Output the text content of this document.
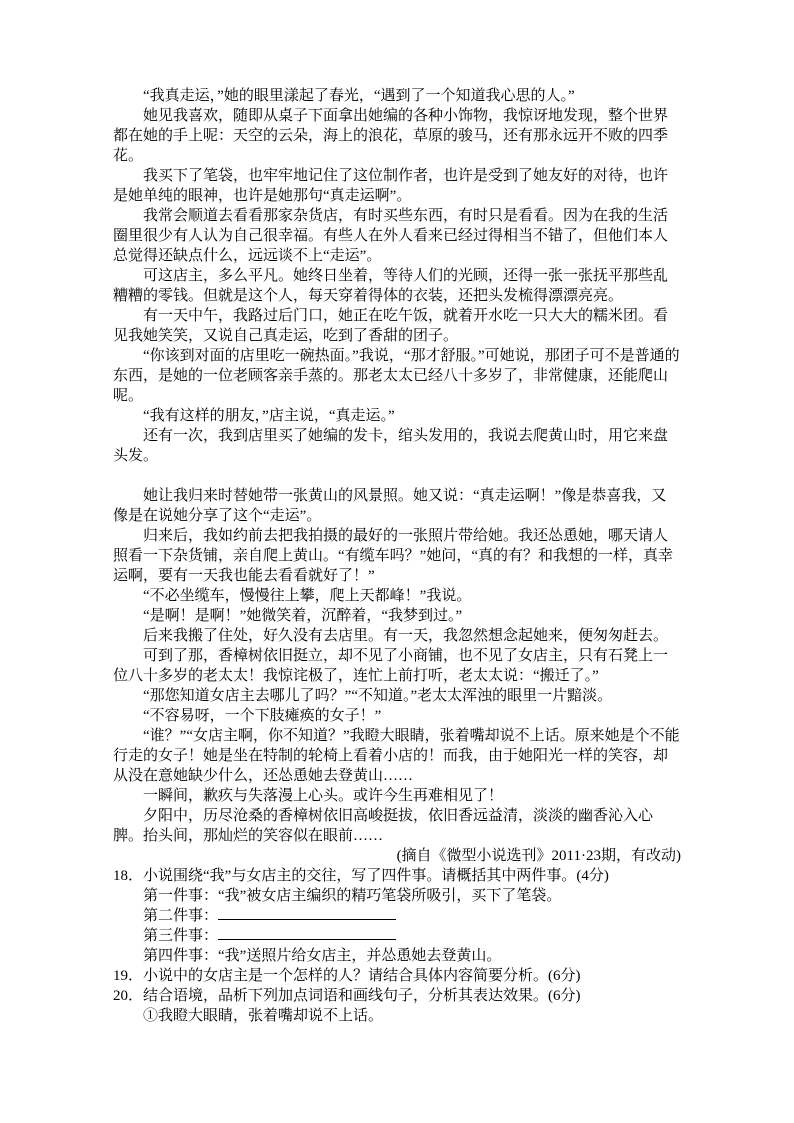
“我真走运，”她的眼里漾起了春光，“遇到了一个知道我心思的人。”

她见我喜欢，随即从桌子下面拿出她编的各种小饰物，我惊讶地发现，整个世界都在她的手上呢：天空的云朵，海上的浪花，草原的骏马，还有那永远开不败的四季花。

我买下了笔袋，也牢牢地记住了这位制作者，也许是受到了她友好的对待，也许是她单纯的眼神，也许是她那句“真走运啊”。

我常会顺道去看看那家杂货店，有时买些东西，有时只是看看。因为在我的生活圈里很少有人认为自己很幸福。有些人在外人看来已经过得相当不错了，但他们本人总觉得还缺点什么，远远谈不上“走运”。

可这店主，多么平凡。她终日坐着，等待人们的光顾，还得一张一张抚平那些乱糟糟的零钱。但就是这个人，每天穿着得体的衣装，还把头发梳得漂漂亮亮。

有一天中午，我路过后门口，她正在吃午饭，就着开水吃一只大大的糯米团。看见我她笑笑，又说自己真走运，吃到了香甜的团子。

“你该到对面的店里吃一碗热面。”我说，“那才舒服。”可她说，那团子可不是普通的东西，是她的一位老顾客亲手蒸的。那老太太已经八十多岁了，非常健康，还能爬山呢。

“我有这样的朋友，”店主说，“真走运。”

还有一次，我到店里买了她编的发卡，绾头发用的，我说去爬黄山时，用它来盘头发。

她让我归来时替她带一张黄山的风景照。她又说：“真走运啊！”像是恭喜我，又像是在说她分享了这个“走运”。

归来后，我如约前去把我拍摄的最好的一张照片带给她。我还怂恿她，哪天请人照看一下杂货铺，亲自爬上黄山。“有缆车吗？”她问，“真的有？和我想的一样，真幸运啊，要有一天我也能去看看就好了！”

“不必坐缆车，慢慢往上攀，爬上天都峰！”我说。

“是啊！是啊！”她微笑着，沉醉着，“我梦到过。”

后来我搬了住处，好久没有去店里。有一天，我忽然想念起她来，便匆匆赶去。

可到了那，香樟树依旧挺立，却不见了小商铺，也不见了女店主，只有石凳上一位八十多岁的老太太！我惊诧极了，连忙上前打听，老太太说：“搬迁了。”

“那您知道女店主去哪儿了吗？”“不知道。”老太太浑浊的眼里一片黯淡。

“不容易呀，一个下肢瘫痪的女子！”

“谁？”“女店主啊，你不知道？”我瞪大眼睛，张着嘴却说不上话。原来她是个不能行走的女子！她是坐在特制的轮椅上看着小店的！而我，由于她阳光一样的笑容，却从没在意她缺少什么，还怂恿她去登黄山……

一瞬间，歉疚与失落漫上心头。或许今生再难相见了！

夕阳中，历尽沧桑的香樟树依旧高峻挺拔，依旧香远益清，淡淡的幽香沁入心脾。抬头间，那灿烂的笑容似在眼前……

(摘自《微型小说选刊》2011·23期，有改动)

18．小说围绕“我”与女店主的交往，写了四件事。请概括其中两件事。(4分)

第一件事：“我”被女店主编织的精巧笔袋所吸引，买下了笔袋。

第二件事：

第三件事：

第四件事：“我”送照片给女店主，并怂恿她去登黄山。

19．小说中的女店主是一个怎样的人？请结合具体内容简要分析。(6分)

20．结合语境，品析下列加点词语和画线句子，分析其表达效果。(6分)

①我瞪大眼睛，张着嘴却说不上话。
